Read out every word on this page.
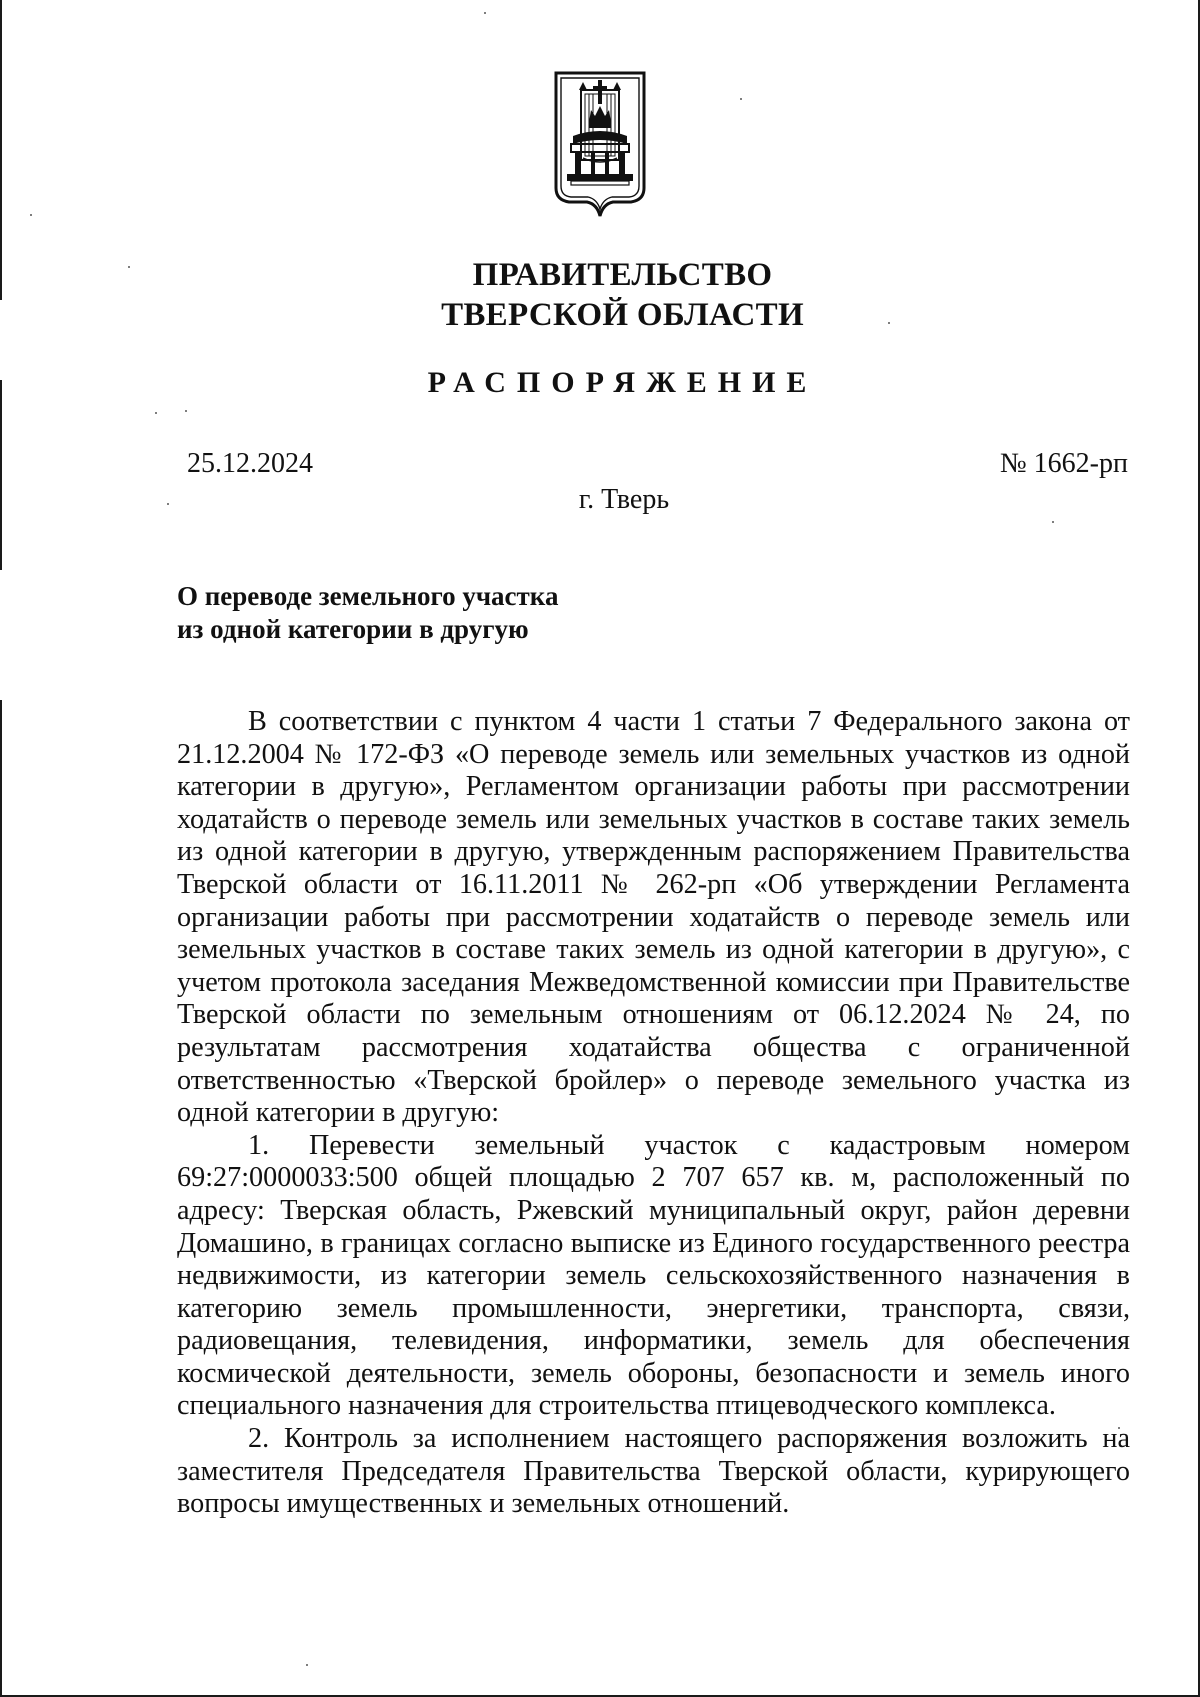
ПРАВИТЕЛЬСТВО
ТВЕРСКОЙ ОБЛАСТИ
РАСПОРЯЖЕНИЕ
25.12.2024	№ 1662-рп
г. Тверь
О переводе земельного участка
из одной категории в другую

В соответствии с пунктом 4 части 1 статьи 7 Федерального закона от 21.12.2004 № 172-ФЗ «О переводе земель или земельных участков из одной категории в другую», Регламентом организации работы при рассмотрении ходатайств о переводе земель или земельных участков в составе таких земель из одной категории в другую, утвержденным распоряжением Правительства Тверской области от 16.11.2011 № 262-рп «Об утверждении Регламента организации работы при рассмотрении ходатайств о переводе земель или земельных участков в составе таких земель из одной категории в другую», с учетом протокола заседания Межведомственной комиссии при Правительстве Тверской области по земельным отношениям от 06.12.2024 № 24, по результатам рассмотрения ходатайства общества с ограниченной ответственностью «Тверской бройлер» о переводе земельного участка из одной категории в другую:

1. Перевести земельный участок с кадастровым номером 69:27:0000033:500 общей площадью 2 707 657 кв. м, расположенный по адресу: Тверская область, Ржевский муниципальный округ, район деревни Домашино, в границах согласно выписке из Единого государственного реестра недвижимости, из категории земель сельскохозяйственного назначения в категорию земель промышленности, энергетики, транспорта, связи, радиовещания, телевидения, информатики, земель для обеспечения космической деятельности, земель обороны, безопасности и земель иного специального назначения для строительства птицеводческого комплекса.

2. Контроль за исполнением настоящего распоряжения возложить на заместителя Председателя Правительства Тверской области, курирующего вопросы имущественных и земельных отношений.
